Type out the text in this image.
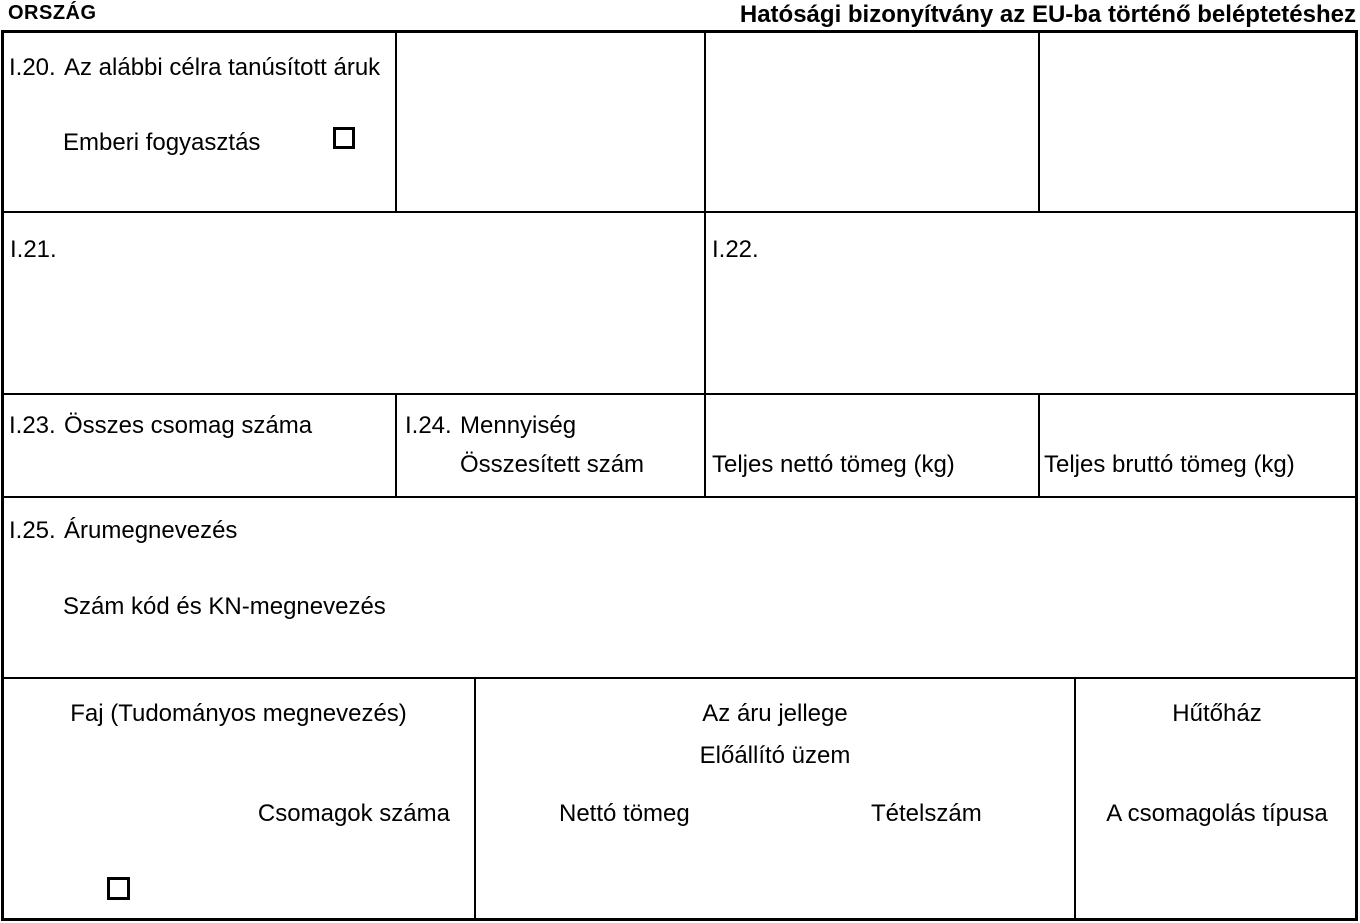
ORSZÁG	Hatósági bizonyítvány az EU-ba történő beléptetéshez
I.20. Az alábbi célra tanúsított áruk
Emberi fogyasztás
I.21.	I.22.
I.23. Összes csomag száma	I.24. Mennyiség
Összesített szám	Teljes nettó tömeg (kg)	Teljes bruttó tömeg (kg)
I.25. Árumegnevezés
Szám kód és KN-megnevezés
Faj (Tudományos megnevezés)
Csomagok száma
Az áru jellege
Előállító üzem
Nettó tömeg	Tételszám
Hűtőház
A csomagolás típusa
